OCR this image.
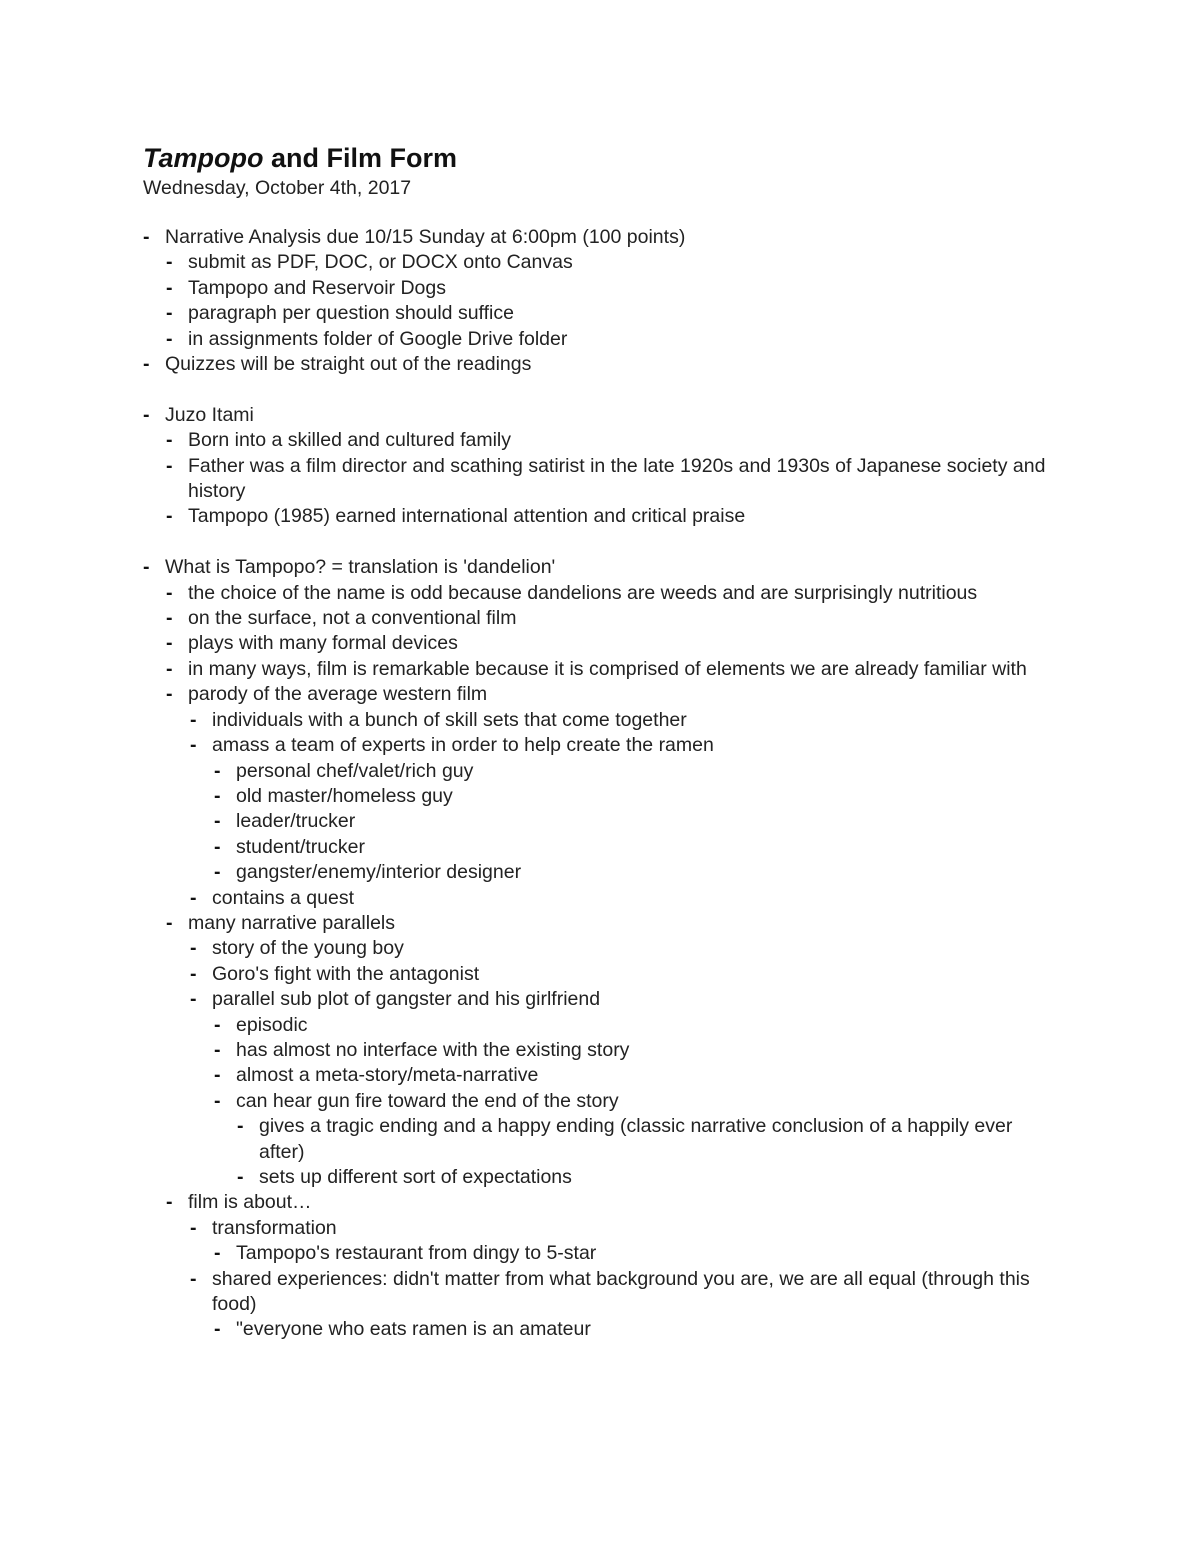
Tampopo and Film Form
Wednesday, October 4th, 2017
- Narrative Analysis due 10/15 Sunday at 6:00pm (100 points)
- submit as PDF, DOC, or DOCX onto Canvas
- Tampopo and Reservoir Dogs
- paragraph per question should suffice
- in assignments folder of Google Drive folder
- Quizzes will be straight out of the readings
- Juzo Itami
- Born into a skilled and cultured family
- Father was a film director and scathing satirist in the late 1920s and 1930s of Japanese society and history
- Tampopo (1985) earned international attention and critical praise
- What is Tampopo? = translation is 'dandelion'
- the choice of the name is odd because dandelions are weeds and are surprisingly nutritious
- on the surface, not a conventional film
- plays with many formal devices
- in many ways, film is remarkable because it is comprised of elements we are already familiar with
- parody of the average western film
- individuals with a bunch of skill sets that come together
- amass a team of experts in order to help create the ramen
- personal chef/valet/rich guy
- old master/homeless guy
- leader/trucker
- student/trucker
- gangster/enemy/interior designer
- contains a quest
- many narrative parallels
- story of the young boy
- Goro's fight with the antagonist
- parallel sub plot of gangster and his girlfriend
- episodic
- has almost no interface with the existing story
- almost a meta-story/meta-narrative
- can hear gun fire toward the end of the story
- gives a tragic ending and a happy ending (classic narrative conclusion of a happily ever after)
- sets up different sort of expectations
- film is about…
- transformation
- Tampopo's restaurant from dingy to 5-star
- shared experiences: didn't matter from what background you are, we are all equal (through this food)
- "everyone who eats ramen is an amateur
